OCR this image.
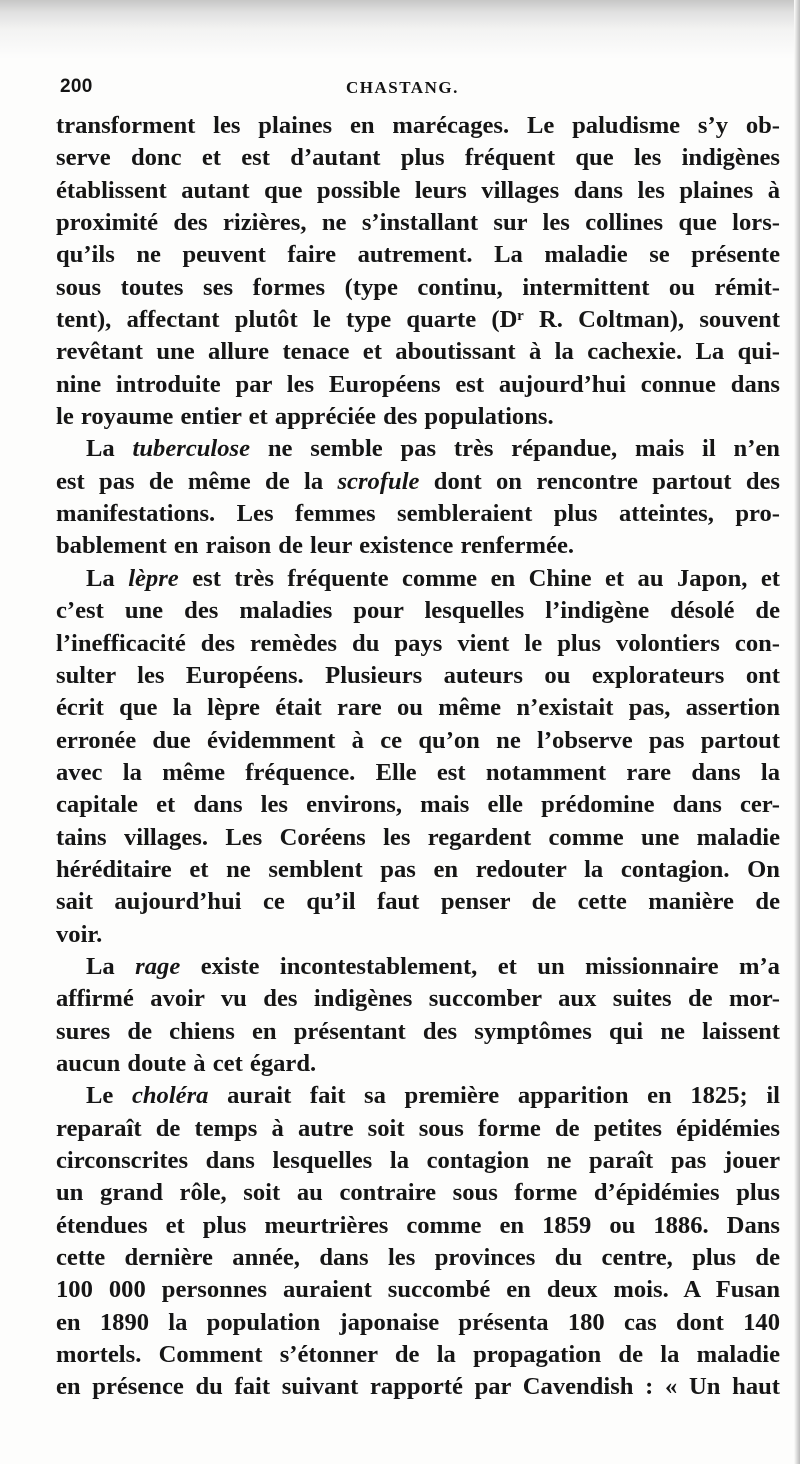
200	CHASTANG.
transforment les plaines en marécages. Le paludisme s’y ob-
serve donc et est d’autant plus fréquent que les indigènes
établissent autant que possible leurs villages dans les plaines à
proximité des rizières, ne s’installant sur les collines que lors-
qu’ils ne peuvent faire autrement. La maladie se présente
sous toutes ses formes (type continu, intermittent ou rémit-
tent), affectant plutôt le type quarte (Dʳ R. Coltman), souvent
revêtant une allure tenace et aboutissant à la cachexie. La qui-
nine introduite par les Européens est aujourd’hui connue dans
le royaume entier et appréciée des populations.
La tuberculose ne semble pas très répandue, mais il n’en
est pas de même de la scrofule dont on rencontre partout des
manifestations. Les femmes sembleraient plus atteintes, pro-
bablement en raison de leur existence renfermée.
La lèpre est très fréquente comme en Chine et au Japon, et
c’est une des maladies pour lesquelles l’indigène désolé de
l’inefficacité des remèdes du pays vient le plus volontiers con-
sulter les Européens. Plusieurs auteurs ou explorateurs ont
écrit que la lèpre était rare ou même n’existait pas, assertion
erronée due évidemment à ce qu’on ne l’observe pas partout
avec la même fréquence. Elle est notamment rare dans la
capitale et dans les environs, mais elle prédomine dans cer-
tains villages. Les Coréens les regardent comme une maladie
héréditaire et ne semblent pas en redouter la contagion. On
sait aujourd’hui ce qu’il faut penser de cette manière de
voir.
La rage existe incontestablement, et un missionnaire m’a
affirmé avoir vu des indigènes succomber aux suites de mor-
sures de chiens en présentant des symptômes qui ne laissent
aucun doute à cet égard.
Le choléra aurait fait sa première apparition en 1825; il
reparaît de temps à autre soit sous forme de petites épidémies
circonscrites dans lesquelles la contagion ne paraît pas jouer
un grand rôle, soit au contraire sous forme d’épidémies plus
étendues et plus meurtrières comme en 1859 ou 1886. Dans
cette dernière année, dans les provinces du centre, plus de
100 000 personnes auraient succombé en deux mois. A Fusan
en 1890 la population japonaise présenta 180 cas dont 140
mortels. Comment s’étonner de la propagation de la maladie
en présence du fait suivant rapporté par Cavendish : « Un haut
